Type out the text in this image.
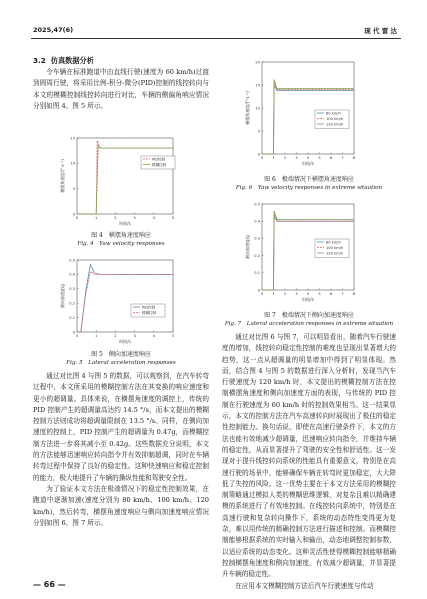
2025,47(6)	现 代 雷 达
3.2 仿真数据分析

令车辆在标准跑道中由直线行驶(速度为 60 km/h)过渡到圆周行驶，将采用比例-积分-微分(PID)控制的线控转向与本文的模糊控制线控转向进行对比，车辆的侧偏角响应情况分别如图 4、图 5 所示。

0	1	2	3	4	5
0
5
10
15
时间/s
横摆角速度/(°·s⁻¹)	PID控制
模糊控制
图 4　横摆角速度响应
Fig. 4　Yaw velocity responses
0	1	2	3	4	5
0
0.1
0.2
0.3
0.4
0.5
时间/s
侧向加速度/g	PID控制
模糊控制
图 5　侧向加速度响应
Fig. 5　Lateral acceleration responses

通过对比图 4 与图 5 的数据，可以观察到，在汽车转弯过程中，本文所采用的模糊控制方法在其变换的响应速度和更小的超调量。具体来说，在横摆角速度的调控上，传统的 PID 控制产生的超调量高达约 14.5 °/s，而本文提出的模糊控制方法则成功将超调量限制在 13.5 °/s。同样，在侧向加速度的控制上，PID 控制产生的超调量为 0.47g，而模糊控制方法进一步将其减小至 0.42g。这些数据充分说明，本文的方法能够迅速响应转向指令并有效抑制超调，同时在车辆转弯过程中保持了良好的稳定性。这种快速响应和稳定控制的能力，极大地提升了车辆的操纵性能和驾驶安全性。

为了验证本文方法在极端情况下的稳定性控制效果，在跑道中逐渐加速(速度分别为 80 km/h、100 km/h、120 km/h)，然后转弯，横摆角速度响应与侧向加速度响应情况分别如图 6、图 7 所示。

0	1	2	3	4	5	6	7	8
0
5
10
15
20
时间/s
横摆角速度/(°·s⁻¹)	80 km/h
100 km/h
120 km/h
图 6　极端情况下横摆角速度响应
Fig. 6　Yaw velocity responses in extreme situation
0	1	2	3	4	5	6	7	8
0
0.1
0.2
0.3
0.4
0.5
时间/s
侧向加速度/g	80 km/h
100 km/h
120 km/h
图 7　极端情况下侧向加速度响应
Fig. 7　Lateral acceleration responses in extreme situation

通过对比图 6 与图 7，可以明显看出，随着汽车行驶速度的增加，线控转向稳定性控制的难度也呈现出显著增大的趋势，这一点从超调量的明显增加中得到了明显体现。然而，结合图 4 与图 5 的数据进行深入分析时，发现当汽车行驶速度为 120 km/h 时，本文提出的模糊控制方法在控制横摆角速度和侧向加速度方面的表现，与传统的 PID 控制在行驶速度为 60 km/h 时的控制效果相当。这一结果显示，本文的控制方法在汽车高速转向时展现出了极佳的稳定性控制能力。换句话说，即使在高速行驶条件下，本文的方法也能有效地减少超调量，迅速响应转向指令，并维持车辆的稳定性，从而显著提升了驾驶的安全性和舒适性。这一发现对于提升线控转向系统的性能具有重要意义，特别是在高速行驶的场景中，能够确保车辆在转弯时更加稳定，大大降低了失控的风险。这一优势主要在于本文方法采用的模糊控制策略通过模拟人类的模糊思维逻辑，对复杂且难以精确建模的系统进行了有效地控制。在线控转向系统中，特别是在高速行驶和复杂转向操作下，系统的动态特性变得更为复杂，难以用传统的精确控制方法进行描述和控制。而模糊控制能够根据系统的实时输入和输出，动态地调整控制参数，以适应系统的动态变化。这种灵活性使得模糊控制能够精确控制横摆角速度和侧向加速度，有效减少超调量，并显著提升车辆的稳定性。

在应用本文模糊控制方法后汽车行驶速度与传动

— 66 —
